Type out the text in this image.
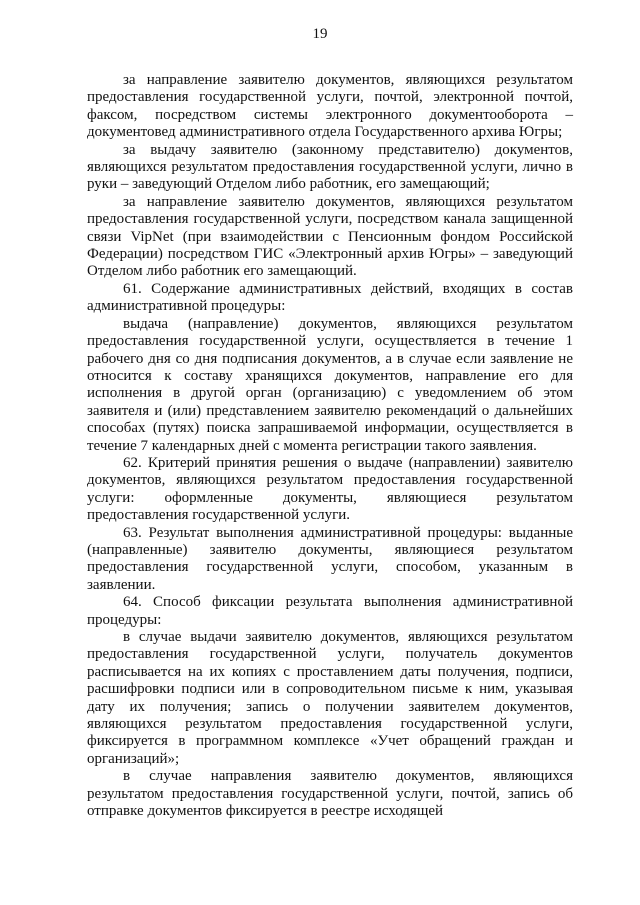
19

за направление заявителю документов, являющихся результатом предоставления государственной услуги, почтой, электронной почтой, факсом, посредством системы электронного документооборота – документовед административного отдела Государственного архива Югры;

за выдачу заявителю (законному представителю) документов, являющихся результатом предоставления государственной услуги, лично в руки – заведующий Отделом либо работник, его замещающий;

за направление заявителю документов, являющихся результатом предоставления государственной услуги, посредством канала защищенной связи VipNet (при взаимодействии с Пенсионным фондом Российской Федерации) посредством ГИС «Электронный архив Югры» – заведующий Отделом либо работник его замещающий.

61. Содержание административных действий, входящих в состав административной процедуры:

выдача (направление) документов, являющихся результатом предоставления государственной услуги, осуществляется в течение 1 рабочего дня со дня подписания документов, а в случае если заявление не относится к составу хранящихся документов, направление его для исполнения в другой орган (организацию) с уведомлением об этом заявителя и (или) представлением заявителю рекомендаций о дальнейших способах (путях) поиска запрашиваемой информации, осуществляется в течение 7 календарных дней с момента регистрации такого заявления.

62. Критерий принятия решения о выдаче (направлении) заявителю документов, являющихся результатом предоставления государственной услуги: оформленные документы, являющиеся результатом предоставления государственной услуги.

63. Результат выполнения административной процедуры: выданные (направленные) заявителю документы, являющиеся результатом предоставления государственной услуги, способом, указанным в заявлении.

64. Способ фиксации результата выполнения административной процедуры:

в случае выдачи заявителю документов, являющихся результатом предоставления государственной услуги, получатель документов расписывается на их копиях с проставлением даты получения, подписи, расшифровки подписи или в сопроводительном письме к ним, указывая дату их получения; запись о получении заявителем документов, являющихся результатом предоставления государственной услуги, фиксируется в программном комплексе «Учет обращений граждан и организаций»;

в случае направления заявителю документов, являющихся результатом предоставления государственной услуги, почтой, запись об отправке документов фиксируется в реестре исходящей
